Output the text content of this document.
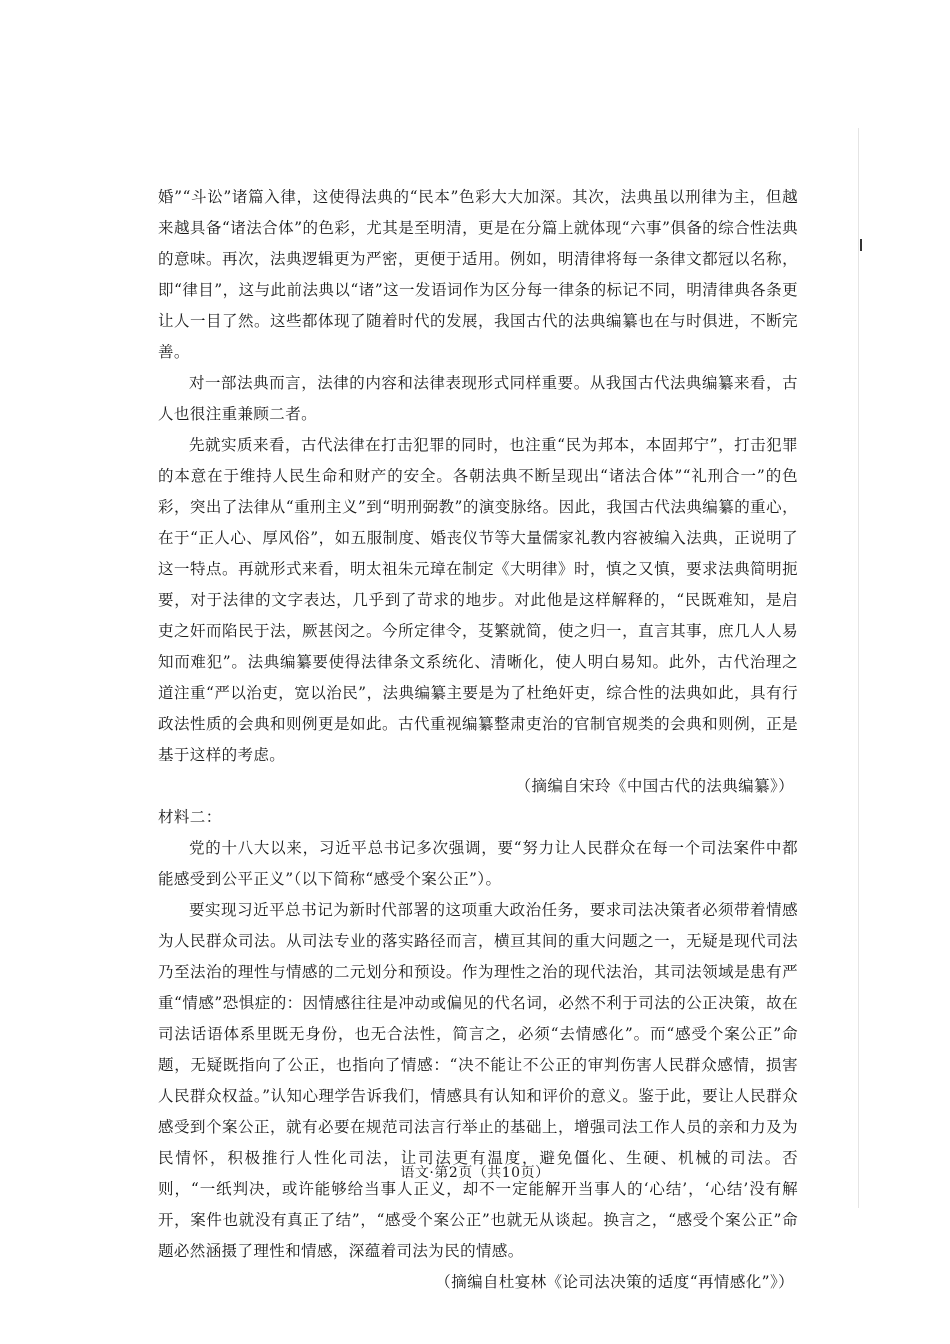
婚”“斗讼”诸篇入律，这使得法典的“民本”色彩大大加深。其次，法典虽以刑律为主，但越来越具备“诸法合体”的色彩，尤其是至明清，更是在分篇上就体现“六事”俱备的综合性法典的意味。再次，法典逻辑更为严密，更便于适用。例如，明清律将每一条律文都冠以名称，即“律目”，这与此前法典以“诸”这一发语词作为区分每一律条的标记不同，明清律典各条更让人一目了然。这些都体现了随着时代的发展，我国古代的法典编纂也在与时俱进，不断完善。

对一部法典而言，法律的内容和法律表现形式同样重要。从我国古代法典编纂来看，古人也很注重兼顾二者。

先就实质来看，古代法律在打击犯罪的同时，也注重“民为邦本，本固邦宁”，打击犯罪的本意在于维持人民生命和财产的安全。各朝法典不断呈现出“诸法合体”“礼刑合一”的色彩，突出了法律从“重刑主义”到“明刑弼教”的演变脉络。因此，我国古代法典编纂的重心，在于“正人心、厚风俗”，如五服制度、婚丧仪节等大量儒家礼教内容被编入法典，正说明了这一特点。再就形式来看，明太祖朱元璋在制定《大明律》时，慎之又慎，要求法典简明扼要，对于法律的文字表达，几乎到了苛求的地步。对此他是这样解释的，“民既难知，是启吏之奸而陷民于法，厥甚闵之。今所定律令，芟繁就简，使之归一，直言其事，庶几人人易知而难犯”。法典编纂要使得法律条文系统化、清晰化，使人明白易知。此外，古代治理之道注重“严以治吏，宽以治民”，法典编纂主要是为了杜绝奸吏，综合性的法典如此，具有行政法性质的会典和则例更是如此。古代重视编纂整肃吏治的官制官规类的会典和则例，正是基于这样的考虑。

（摘编自宋玲《中国古代的法典编纂》）

材料二：

党的十八大以来，习近平总书记多次强调，要“努力让人民群众在每一个司法案件中都能感受到公平正义”（以下简称“感受个案公正”）。

要实现习近平总书记为新时代部署的这项重大政治任务，要求司法决策者必须带着情感为人民群众司法。从司法专业的落实路径而言，横亘其间的重大问题之一，无疑是现代司法乃至法治的理性与情感的二元划分和预设。作为理性之治的现代法治，其司法领域是患有严重“情感”恐惧症的：因情感往往是冲动或偏见的代名词，必然不利于司法的公正决策，故在司法话语体系里既无身份，也无合法性，简言之，必须“去情感化”。而“感受个案公正”命题，无疑既指向了公正，也指向了情感：“决不能让不公正的审判伤害人民群众感情，损害人民群众权益。”认知心理学告诉我们，情感具有认知和评价的意义。鉴于此，要让人民群众感受到个案公正，就有必要在规范司法言行举止的基础上，增强司法工作人员的亲和力及为民情怀，积极推行人性化司法，让司法更有温度，避免僵化、生硬、机械的司法。否则，“一纸判决，或许能够给当事人正义，却不一定能解开当事人的‘心结’，‘心结’没有解开，案件也就没有真正了结”，“感受个案公正”也就无从谈起。换言之，“感受个案公正”命题必然涵摄了理性和情感，深蕴着司法为民的情感。

（摘编自杜宴林《论司法决策的适度“再情感化”》）

语文·第2页（共10页）
